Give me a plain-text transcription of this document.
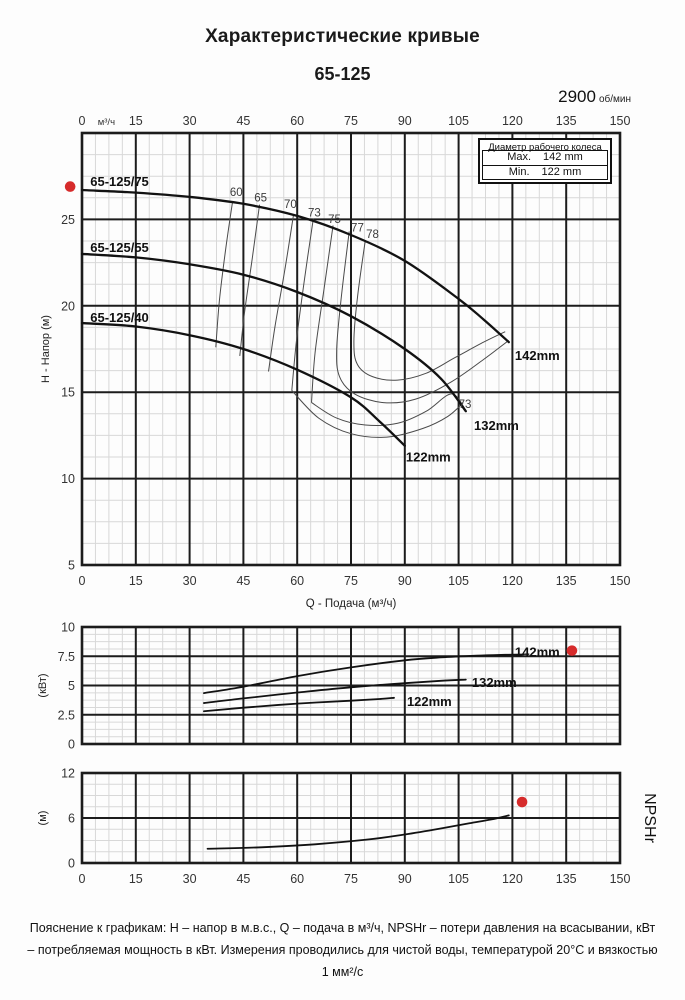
Характеристические кривые
65-125
2900 об/мин
5
10
15
20
25
0
0
15
15
30
30
45
45
60
60
75
75
90
90
105
105
120
120
135
135
150
150
м³/ч
Q - Подача (м³/ч)
Н - Напор (м)
65-125/75
65-125/55
65-125/40
142mm
132mm
122mm
60 65
70
73
75
77
78
73
0
2.5
5
7.5
10
(кВт)
142mm
132mm
122mm
0
6
12
0	15	30	45	60	75	90	105	120	135	150
(м)	NPSHr
Диаметр рабочего колеса
Max. 142 mm
Min. 122 mm
Пояснение к графикам: Н – напор в м.в.с., Q – подача в м³/ч, NPSHr – потери давления на всасывании, кВт – потребляемая мощность в кВт. Измерения проводились для чистой воды, температурой 20°C и вязкостью 1 мм²/с
